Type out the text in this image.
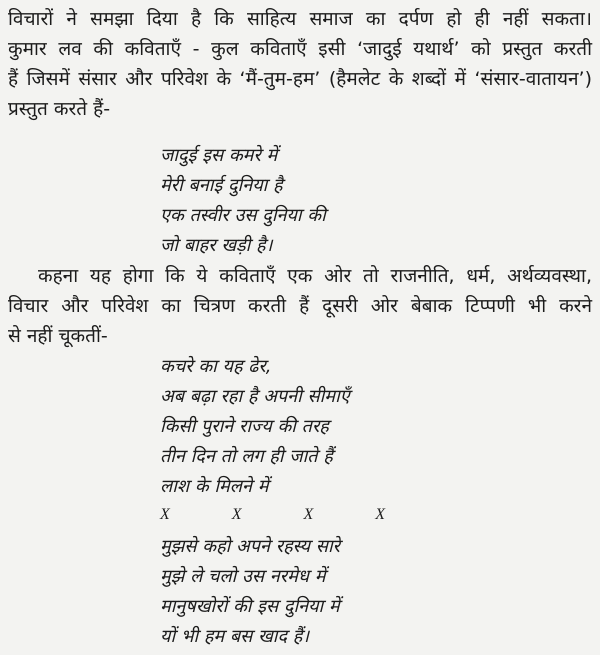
विचारों ने समझा दिया है कि साहित्य समाज का दर्पण हो ही नहीं सकता।
कुमार लव की कविताएँ - कुल कविताएँ इसी ‘जादुई यथार्थ’ को प्रस्तुत करती
हैं जिसमें संसार और परिवेश के ‘मैं-तुम-हम’ (हैमलेट के शब्दों में ‘संसार-वातायन’)
प्रस्तुत करते हैं-
जादुई इस कमरे में
मेरी बनाई दुनिया है
एक तस्वीर उस दुनिया की
जो बाहर खड़ी है।
कहना यह होगा कि ये कविताएँ एक ओर तो राजनीति, धर्म, अर्थव्यवस्था,
विचार और परिवेश का चित्रण करती हैं दूसरी ओर बेबाक टिप्पणी भी करने
से नहीं चूकतीं-
कचरे का यह ढेर,
अब बढ़ा रहा है अपनी सीमाएँ
किसी पुराने राज्य की तरह
तीन दिन तो लग ही जाते हैं
लाश के मिलने में
X	X	X	X
मुझसे कहो अपने रहस्य सारे
मुझे ले चलो उस नरमेध में
मानुषखोरों की इस दुनिया में
यों भी हम बस खाद हैं।
